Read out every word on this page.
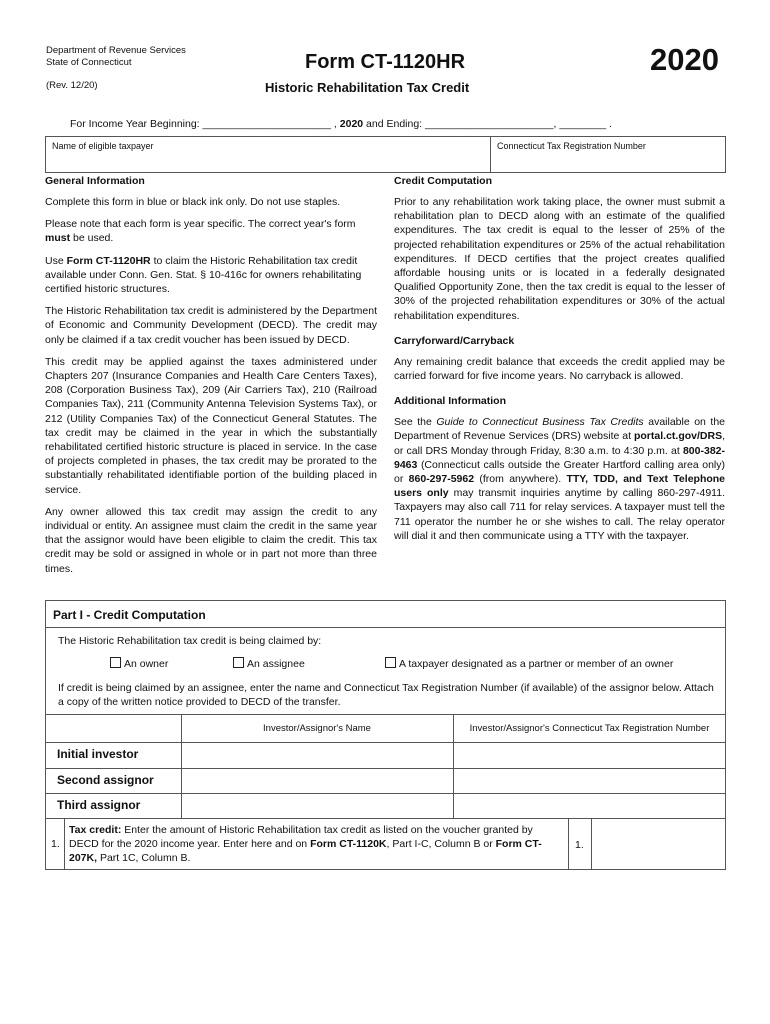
Department of Revenue Services
State of Connecticut
(Rev. 12/20)
Form CT-1120HR
Historic Rehabilitation Tax Credit
2020
For Income Year Beginning: ______________________ , 2020 and Ending: ______________________, ________ .
Name of eligible taxpayer	Connecticut Tax Registration Number
General Information

Complete this form in blue or black ink only. Do not use staples.

Please note that each form is year specific. The correct year's form must be used.

Use Form CT-1120HR to claim the Historic Rehabilitation tax credit available under Conn. Gen. Stat. § 10-416c for owners rehabilitating certified historic structures.

The Historic Rehabilitation tax credit is administered by the Department of Economic and Community Development (DECD). The credit may only be claimed if a tax credit voucher has been issued by DECD.

This credit may be applied against the taxes administered under Chapters 207 (Insurance Companies and Health Care Centers Taxes), 208 (Corporation Business Tax), 209 (Air Carriers Tax), 210 (Railroad Companies Tax), 211 (Community Antenna Television Systems Tax), or 212 (Utility Companies Tax) of the Connecticut General Statutes. The tax credit may be claimed in the year in which the substantially rehabilitated certified historic structure is placed in service. In the case of projects completed in phases, the tax credit may be prorated to the substantially rehabilitated identifiable portion of the building placed in service.

Any owner allowed this tax credit may assign the credit to any individual or entity. An assignee must claim the credit in the same year that the assignor would have been eligible to claim the credit. This tax credit may be sold or assigned in whole or in part not more than three times.

Credit Computation

Prior to any rehabilitation work taking place, the owner must submit a rehabilitation plan to DECD along with an estimate of the qualified expenditures. The tax credit is equal to the lesser of 25% of the projected rehabilitation expenditures or 25% of the actual rehabilitation expenditures. If DECD certifies that the project creates qualified affordable housing units or is located in a federally designated Qualified Opportunity Zone, then the tax credit is equal to the lesser of 30% of the projected rehabilitation expenditures or 30% of the actual rehabilitation expenditures.

Carryforward/Carryback

Any remaining credit balance that exceeds the credit applied may be carried forward for five income years. No carryback is allowed.

Additional Information

See the Guide to Connecticut Business Tax Credits available on the Department of Revenue Services (DRS) website at portal.ct.gov/DRS, or call DRS Monday through Friday, 8:30 a.m. to 4:30 p.m. at 800-382-9463 (Connecticut calls outside the Greater Hartford calling area only) or 860-297-5962 (from anywhere). TTY, TDD, and Text Telephone users only may transmit inquiries anytime by calling 860-297-4911. Taxpayers may also call 711 for relay services. A taxpayer must tell the 711 operator the number he or she wishes to call. The relay operator will dial it and then communicate using a TTY with the taxpayer.

Part I - Credit Computation
The Historic Rehabilitation tax credit is being claimed by:
An owner	An assignee	A taxpayer designated as a partner or member of an owner
If credit is being claimed by an assignee, enter the name and Connecticut Tax Registration Number (if available) of the assignor below. Attach a copy of the written notice provided to DECD of the transfer.
Investor/Assignor's Name	Investor/Assignor's Connecticut Tax Registration Number
Initial investor
Second assignor
Third assignor
1.
Tax credit: Enter the amount of Historic Rehabilitation tax credit as listed on the voucher granted by DECD for the 2020 income year. Enter here and on Form CT-1120K, Part I-C, Column B or Form CT-207K, Part 1C, Column B.
1.
